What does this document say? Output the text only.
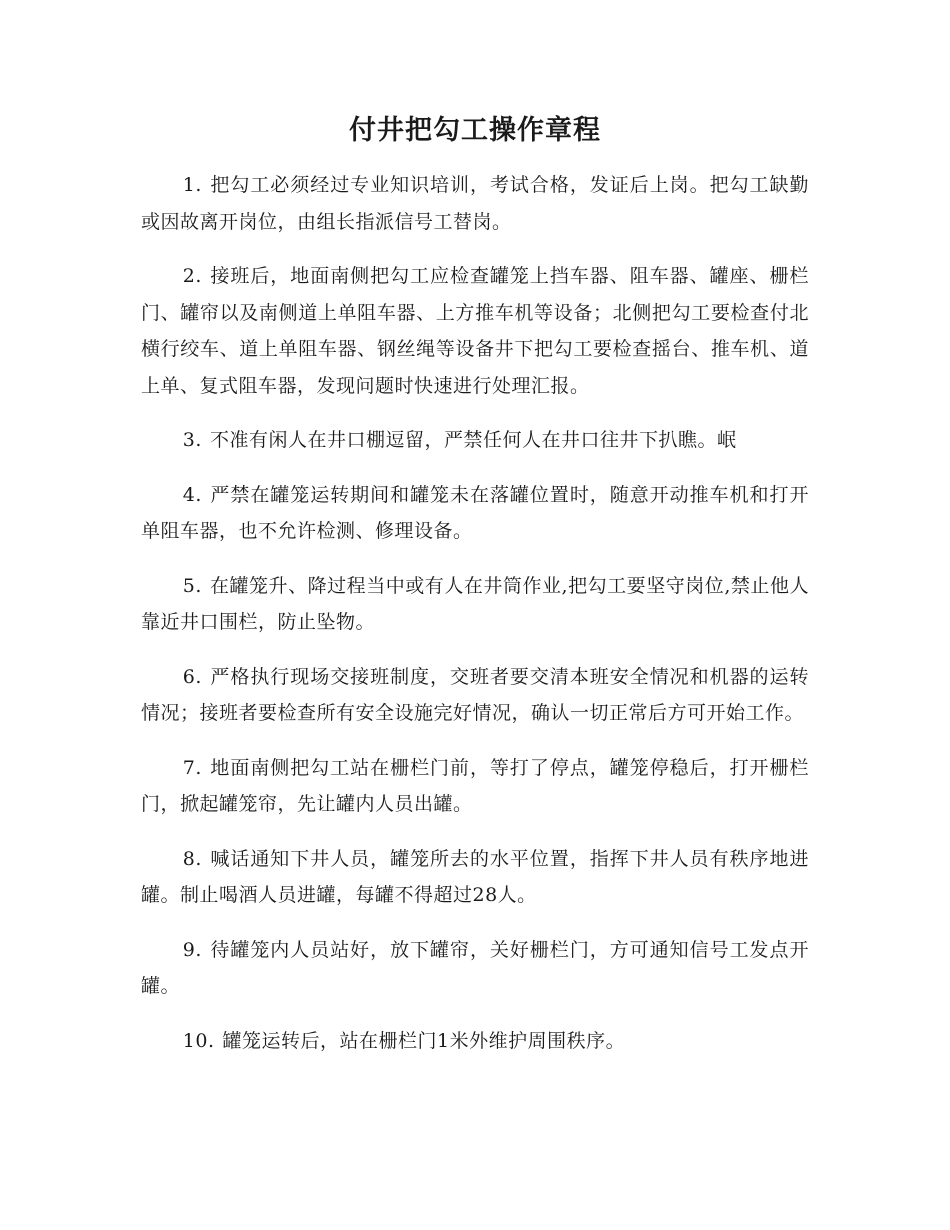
付井把勾工操作章程

1. 把勾工必须经过专业知识培训，考试合格，发证后上岗。把勾工缺勤或因故离开岗位，由组长指派信号工替岗。

2. 接班后，地面南侧把勾工应检查罐笼上挡车器、阻车器、罐座、栅栏门、罐帘以及南侧道上单阻车器、上方推车机等设备；北侧把勾工要检查付北横行绞车、道上单阻车器、钢丝绳等设备井下把勾工要检查摇台、推车机、道上单、复式阻车器，发现问题时快速进行处理汇报。

3. 不准有闲人在井口棚逗留，严禁任何人在井口往井下扒瞧。岷

4. 严禁在罐笼运转期间和罐笼未在落罐位置时，随意开动推车机和打开单阻车器，也不允许检测、修理设备。

5. 在罐笼升、降过程当中或有人在井筒作业,把勾工要坚守岗位,禁止他人靠近井口围栏，防止坠物。

6. 严格执行现场交接班制度，交班者要交清本班安全情况和机器的运转情况；接班者要检查所有安全设施完好情况，确认一切正常后方可开始工作。

7. 地面南侧把勾工站在栅栏门前，等打了停点，罐笼停稳后，打开栅栏门，掀起罐笼帘，先让罐内人员出罐。

8. 喊话通知下井人员，罐笼所去的水平位置，指挥下井人员有秩序地进罐。制止喝酒人员进罐，每罐不得超过28人。

9. 待罐笼内人员站好，放下罐帘，关好栅栏门，方可通知信号工发点开罐。

10. 罐笼运转后，站在栅栏门1米外维护周围秩序。
